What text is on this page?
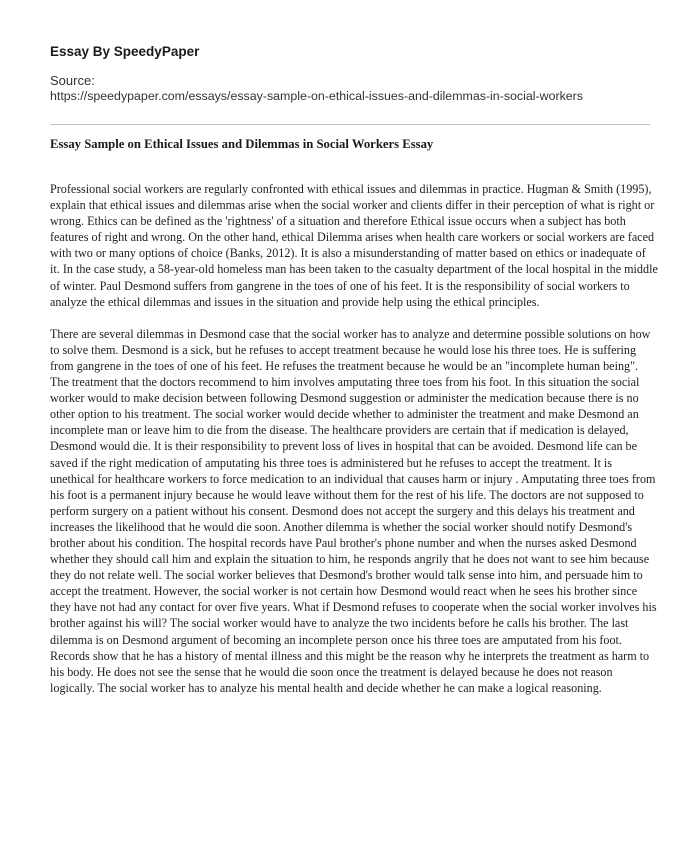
Essay By SpeedyPaper
Source:
https://speedypaper.com/essays/essay-sample-on-ethical-issues-and-dilemmas-in-social-workers
Essay Sample on Ethical Issues and Dilemmas in Social Workers Essay

Professional social workers are regularly confronted with ethical issues and dilemmas in practice. Hugman & Smith (1995), explain that ethical issues and dilemmas arise when the social worker and clients differ in their perception of what is right or wrong. Ethics can be defined as the 'rightness' of a situation and therefore Ethical issue occurs when a subject has both features of right and wrong. On the other hand, ethical Dilemma arises when health care workers or social workers are faced with two or many options of choice (Banks, 2012). It is also a misunderstanding of matter based on ethics or inadequate of it. In the case study, a 58-year-old homeless man has been taken to the casualty department of the local hospital in the middle of winter. Paul Desmond suffers from gangrene in the toes of one of his feet. It is the responsibility of social workers to analyze the ethical dilemmas and issues in the situation and provide help using the ethical principles.

There are several dilemmas in Desmond case that the social worker has to analyze and determine possible solutions on how to solve them. Desmond is a sick, but he refuses to accept treatment because he would lose his three toes. He is suffering from gangrene in the toes of one of his feet. He refuses the treatment because he would be an "incomplete human being". The treatment that the doctors recommend to him involves amputating three toes from his foot. In this situation the social worker would to make decision between following Desmond suggestion or administer the medication because there is no other option to his treatment. The social worker would decide whether to administer the treatment and make Desmond an incomplete man or leave him to die from the disease. The healthcare providers are certain that if medication is delayed, Desmond would die. It is their responsibility to prevent loss of lives in hospital that can be avoided. Desmond life can be saved if the right medication of amputating his three toes is administered but he refuses to accept the treatment. It is unethical for healthcare workers to force medication to an individual that causes harm or injury . Amputating three toes from his foot is a permanent injury because he would leave without them for the rest of his life. The doctors are not supposed to perform surgery on a patient without his consent. Desmond does not accept the surgery and this delays his treatment and increases the likelihood that he would die soon. Another dilemma is whether the social worker should notify Desmond's brother about his condition. The hospital records have Paul brother's phone number and when the nurses asked Desmond whether they should call him and explain the situation to him, he responds angrily that he does not want to see him because they do not relate well. The social worker believes that Desmond's brother would talk sense into him, and persuade him to accept the treatment. However, the social worker is not certain how Desmond would react when he sees his brother since they have not had any contact for over five years. What if Desmond refuses to cooperate when the social worker involves his brother against his will? The social worker would have to analyze the two incidents before he calls his brother. The last dilemma is on Desmond argument of becoming an incomplete person once his three toes are amputated from his foot. Records show that he has a history of mental illness and this might be the reason why he interprets the treatment as harm to his body. He does not see the sense that he would die soon once the treatment is delayed because he does not reason logically. The social worker has to analyze his mental health and decide whether he can make a logical reasoning.
